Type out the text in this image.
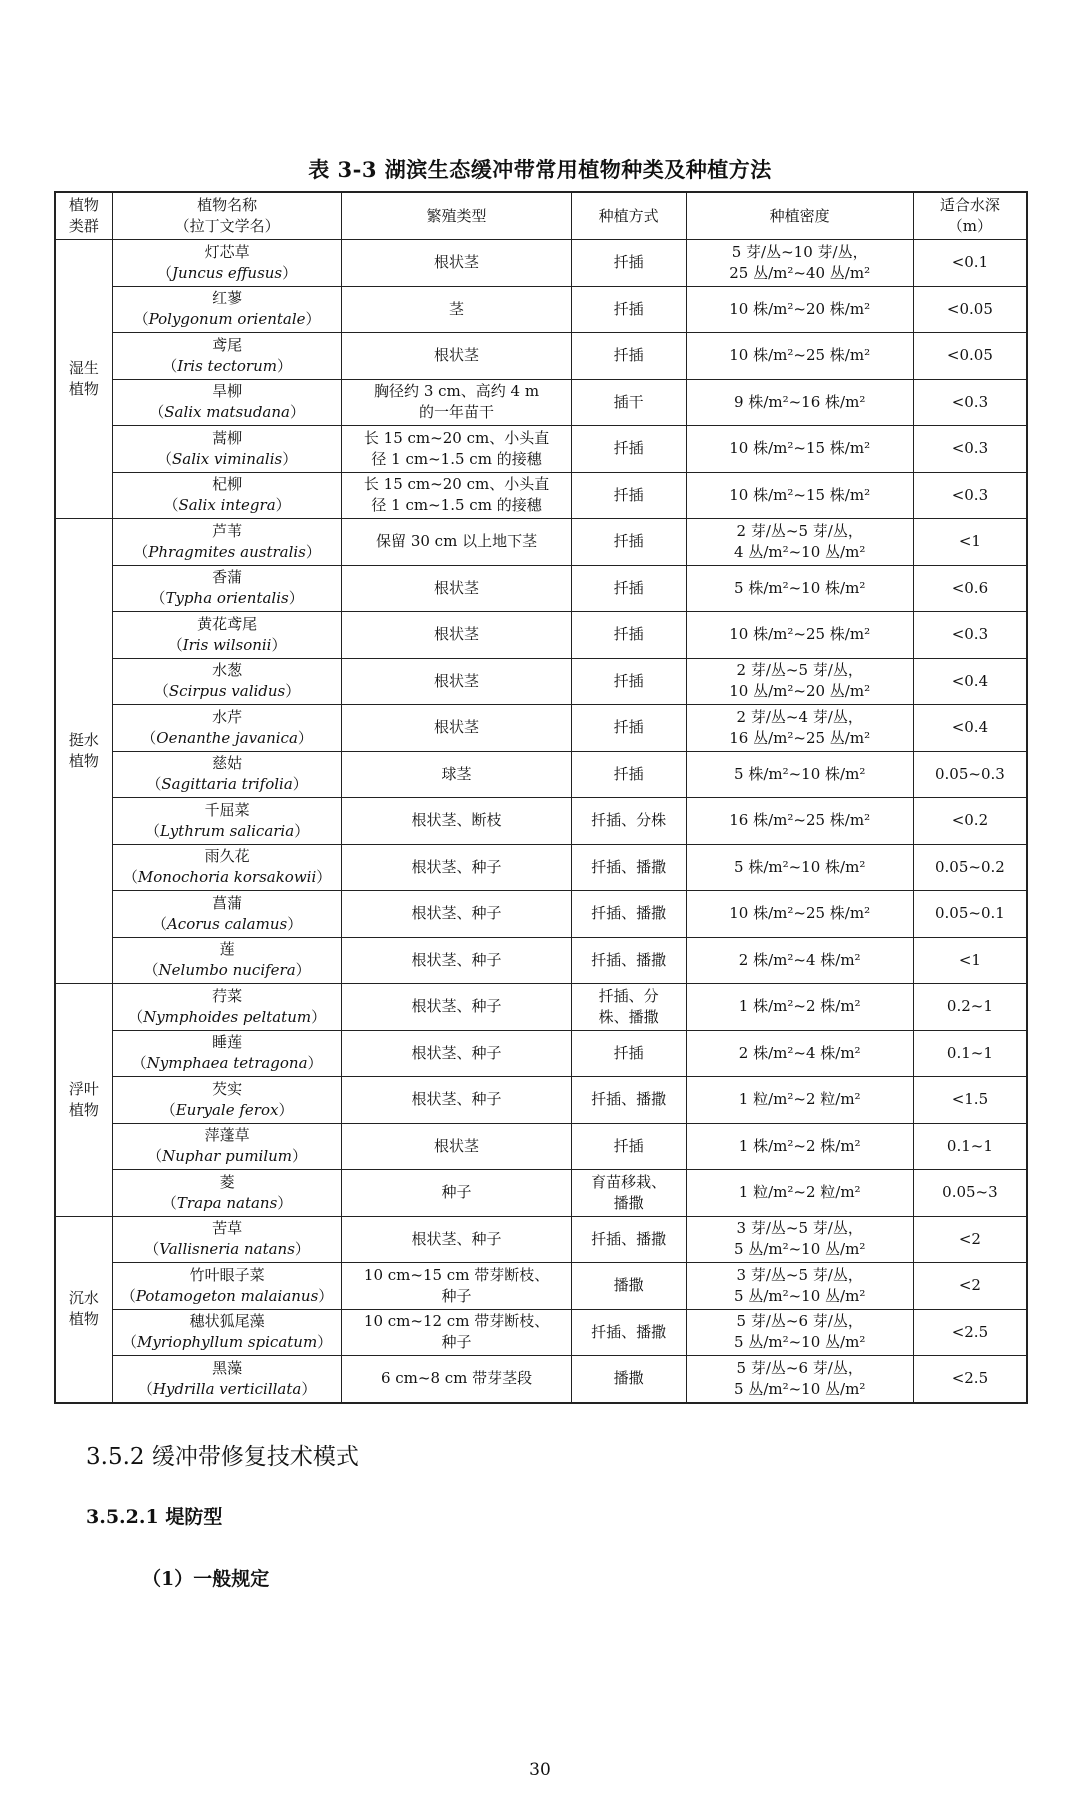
表 3-3 湖滨生态缓冲带常用植物种类及种植方法
植物
类群	植物名称
（拉丁文学名）	繁殖类型	种植方式	种植密度	适合水深
（m）

湿生
植物	灯芯草
（Juncus effusus）	根状茎	扦插	5 芽/丛~10 芽/丛，
25 丛/m²~40 丛/m²	<0.1

	红蓼
（Polygonum orientale）	茎	扦插	10 株/m²~20 株/m²	<0.05

	鸢尾
（Iris tectorum）	根状茎	扦插	10 株/m²~25 株/m²	<0.05

	旱柳
（Salix matsudana）	胸径约 3 cm、高约 4 m
的一年苗干	插干	9 株/m²~16 株/m²	<0.3

	蒿柳
（Salix viminalis）	长 15 cm~20 cm、小头直
径 1 cm~1.5 cm 的接穗	扦插	10 株/m²~15 株/m²	<0.3

	杞柳
（Salix integra）	长 15 cm~20 cm、小头直
径 1 cm~1.5 cm 的接穗	扦插	10 株/m²~15 株/m²	<0.3

挺水
植物	芦苇
（Phragmites australis）	保留 30 cm 以上地下茎	扦插	2 芽/丛~5 芽/丛，
4 丛/m²~10 丛/m²	<1

	香蒲
（Typha orientalis）	根状茎	扦插	5 株/m²~10 株/m²	<0.6

	黄花鸢尾
（Iris wilsonii）	根状茎	扦插	10 株/m²~25 株/m²	<0.3

	水葱
（Scirpus validus）	根状茎	扦插	2 芽/丛~5 芽/丛，
10 丛/m²~20 丛/m²	<0.4

	水芹
（Oenanthe javanica）	根状茎	扦插	2 芽/丛~4 芽/丛，
16 丛/m²~25 丛/m²	<0.4

	慈姑
（Sagittaria trifolia）	球茎	扦插	5 株/m²~10 株/m²	0.05~0.3

	千屈菜
（Lythrum salicaria）	根状茎、断枝	扦插、分株	16 株/m²~25 株/m²	<0.2

	雨久花
（Monochoria korsakowii）	根状茎、种子	扦插、播撒	5 株/m²~10 株/m²	0.05~0.2

	菖蒲
（Acorus calamus）	根状茎、种子	扦插、播撒	10 株/m²~25 株/m²	0.05~0.1

	莲
（Nelumbo nucifera）	根状茎、种子	扦插、播撒	2 株/m²~4 株/m²	<1

浮叶
植物	荇菜
（Nymphoides peltatum）	根状茎、种子	扦插、分
株、播撒	1 株/m²~2 株/m²	0.2~1

	睡莲
（Nymphaea tetragona）	根状茎、种子	扦插	2 株/m²~4 株/m²	0.1~1

	芡实
（Euryale ferox）	根状茎、种子	扦插、播撒	1 粒/m²~2 粒/m²	<1.5

	萍蓬草
（Nuphar pumilum）	根状茎	扦插	1 株/m²~2 株/m²	0.1~1

	菱
（Trapa natans）	种子	育苗移栽、
播撒	1 粒/m²~2 粒/m²	0.05~3

沉水
植物	苦草
（Vallisneria natans）	根状茎、种子	扦插、播撒	3 芽/丛~5 芽/丛，
5 丛/m²~10 丛/m²	<2

	竹叶眼子菜
（Potamogeton malaianus）	10 cm~15 cm 带芽断枝、
种子	播撒	3 芽/丛~5 芽/丛，
5 丛/m²~10 丛/m²	<2

	穗状狐尾藻
（Myriophyllum spicatum）	10 cm~12 cm 带芽断枝、
种子	扦插、播撒	5 芽/丛~6 芽/丛，
5 丛/m²~10 丛/m²	<2.5

	黑藻
（Hydrilla verticillata）	6 cm~8 cm 带芽茎段	播撒	5 芽/丛~6 芽/丛，
5 丛/m²~10 丛/m²	<2.5
3.5.2 缓冲带修复技术模式
3.5.2.1 堤防型
（1）一般规定
30
